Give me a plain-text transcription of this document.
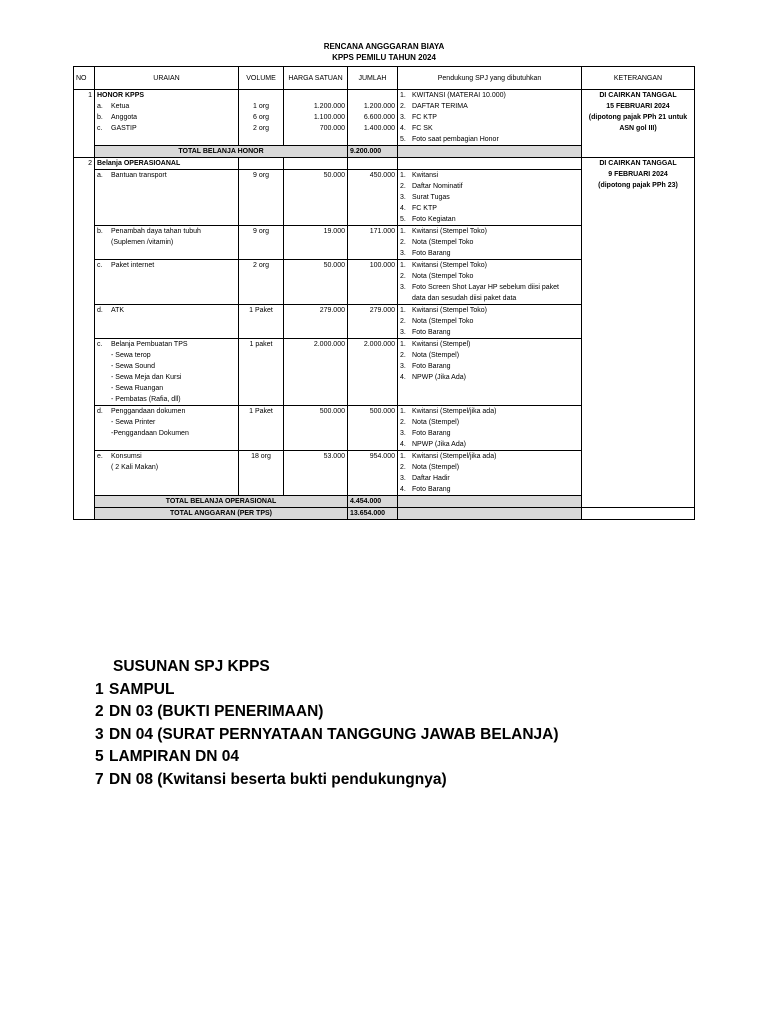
RENCANA ANGGGARAN BIAYA
KPPS PEMILU TAHUN 2024
NO	URAIAN	VOLUME	HARGA SATUAN	JUMLAH	Pendukung SPJ yang dibutuhkan	KETERANGAN
1	HONOR KPPS				1. KWITANSI (MATERAI 10.000)	DI CAIRKAN TANGGAL
15 FEBRUARI 2024
(dipotong pajak PPh 21 untuk ASN gol III)

	a. Ketua	1 org	1.200.000	1.200.000	2. DAFTAR TERIMA	
	b. Anggota	6 org	1.100.000	6.600.000	3. FC KTP	
	c. GASTIP	2 org	700.000	1.400.000	4. FC SK	
					5. Foto saat pembagian Honor	
	TOTAL BELANJA HONOR			9.200.000		
2	Belanja OPERASIOANAL					DI CAIRKAN TANGGAL
9 FEBRUARI 2024
(dipotong pajak PPh 23)

	a. Bantuan transport	9 org	50.000	450.000	1. Kwitansi	
					2. Daftar Nominatif	
					3. Surat Tugas	
					4. FC KTP	
					5. Foto Kegiatan	
	b. Penambah daya tahan tubuh	9 org	19.000	171.000	1. Kwitansi (Stempel Toko)	
	(Suplemen /vitamin)				2. Nota (Stempel Toko	
					3. Foto Barang	
	c. Paket internet	2 org	50.000	100.000	1. Kwitansi (Stempel Toko)	
					2. Nota (Stempel Toko	
					3. Foto Screen Shot Layar HP sebelum diisi paket	
					data dan sesudah diisi paket data	
	d. ATK	1 Paket	279.000	279.000	1. Kwitansi (Stempel Toko)	
					2. Nota (Stempel Toko	
					3. Foto Barang	
	c. Belanja Pembuatan TPS	1 paket	2.000.000	2.000.000	1. Kwitansi (Stempel)	
	- Sewa terop				2. Nota (Stempel)	
	- Sewa Sound				3. Foto Barang	
	- Sewa Meja dan Kursi				4. NPWP (Jika Ada)	
	- Sewa Ruangan					
	- Pembatas (Rafia, dll)					
	d. Penggandaan dokumen	1 Paket	500.000	500.000	1. Kwitansi (Stempel/jika ada)	
	- Sewa Printer				2. Nota (Stempel)	
	-Penggandaan Dokumen				3. Foto Barang	
					4. NPWP (Jika Ada)	
	e. Konsumsi	18 org	53.000	954.000	1. Kwitansi (Stempel/jika ada)	
	( 2 Kali Makan)				2. Nota (Stempel)	
					3. Daftar Hadir	
					4. Foto Barang	
	TOTAL BELANJA OPERASIONAL			4.454.000		
	TOTAL ANGGARAN (PER TPS)			13.654.000		
SUSUNAN SPJ KPPS
1 SAMPUL
2 DN 03 (BUKTI PENERIMAAN)
3 DN 04 (SURAT PERNYATAAN TANGGUNG JAWAB BELANJA)
5 LAMPIRAN DN 04
7 DN 08 (Kwitansi beserta bukti pendukungnya)
